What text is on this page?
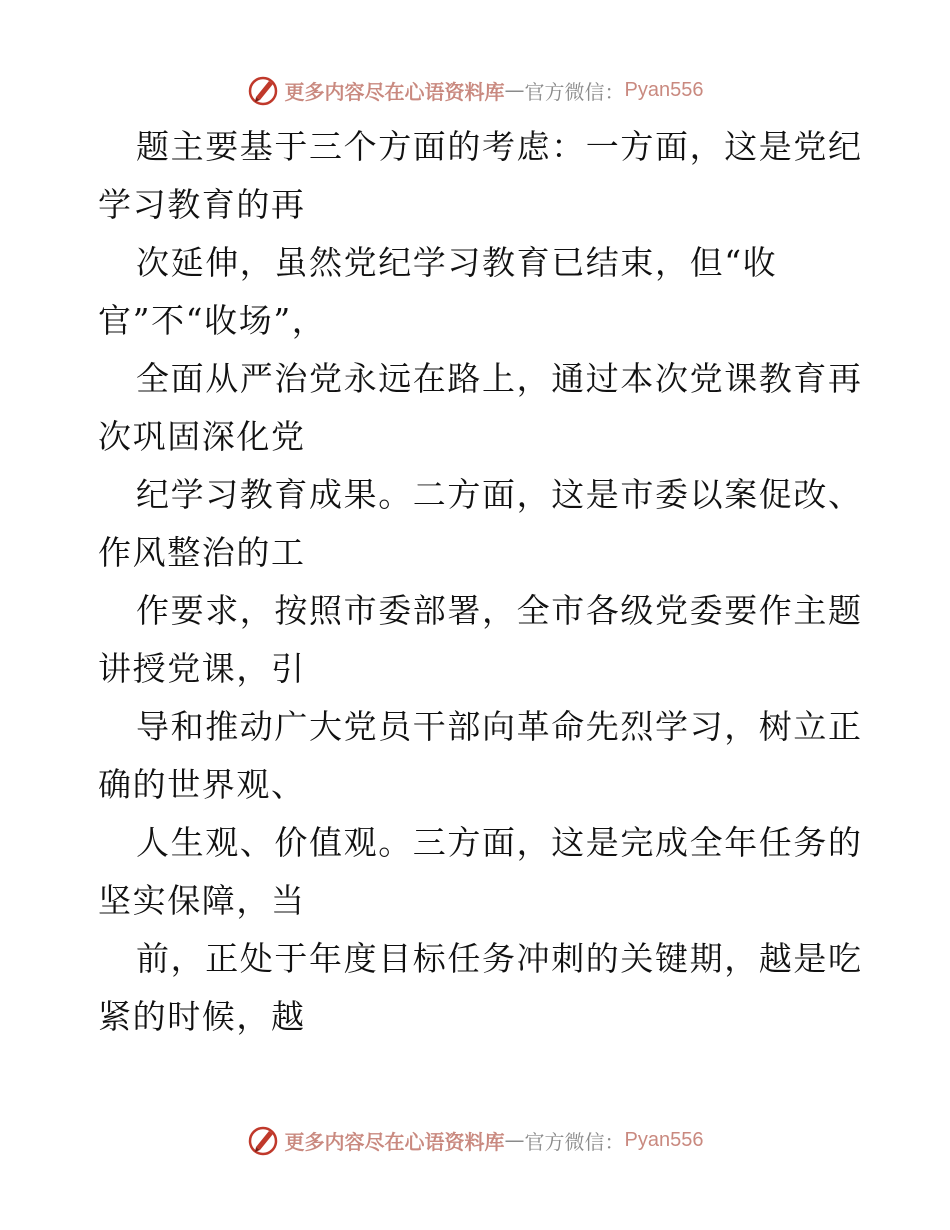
更多内容尽在心语资料库 — 官方微信： Pyan556
题主要基于三个方面的考虑：一方面，这是党纪
学习教育的再
次延伸，虽然党纪学习教育已结束，但“收
官”不“收场”，
全面从严治党永远在路上，通过本次党课教育再
次巩固深化党
纪学习教育成果。二方面，这是市委以案促改、
作风整治的工
作要求，按照市委部署，全市各级党委要作主题
讲授党课，引
导和推动广大党员干部向革命先烈学习，树立正
确的世界观、
人生观、价值观。三方面，这是完成全年任务的
坚实保障，当
前，正处于年度目标任务冲刺的关键期，越是吃
紧的时候，越
更多内容尽在心语资料库 — 官方微信： Pyan556
